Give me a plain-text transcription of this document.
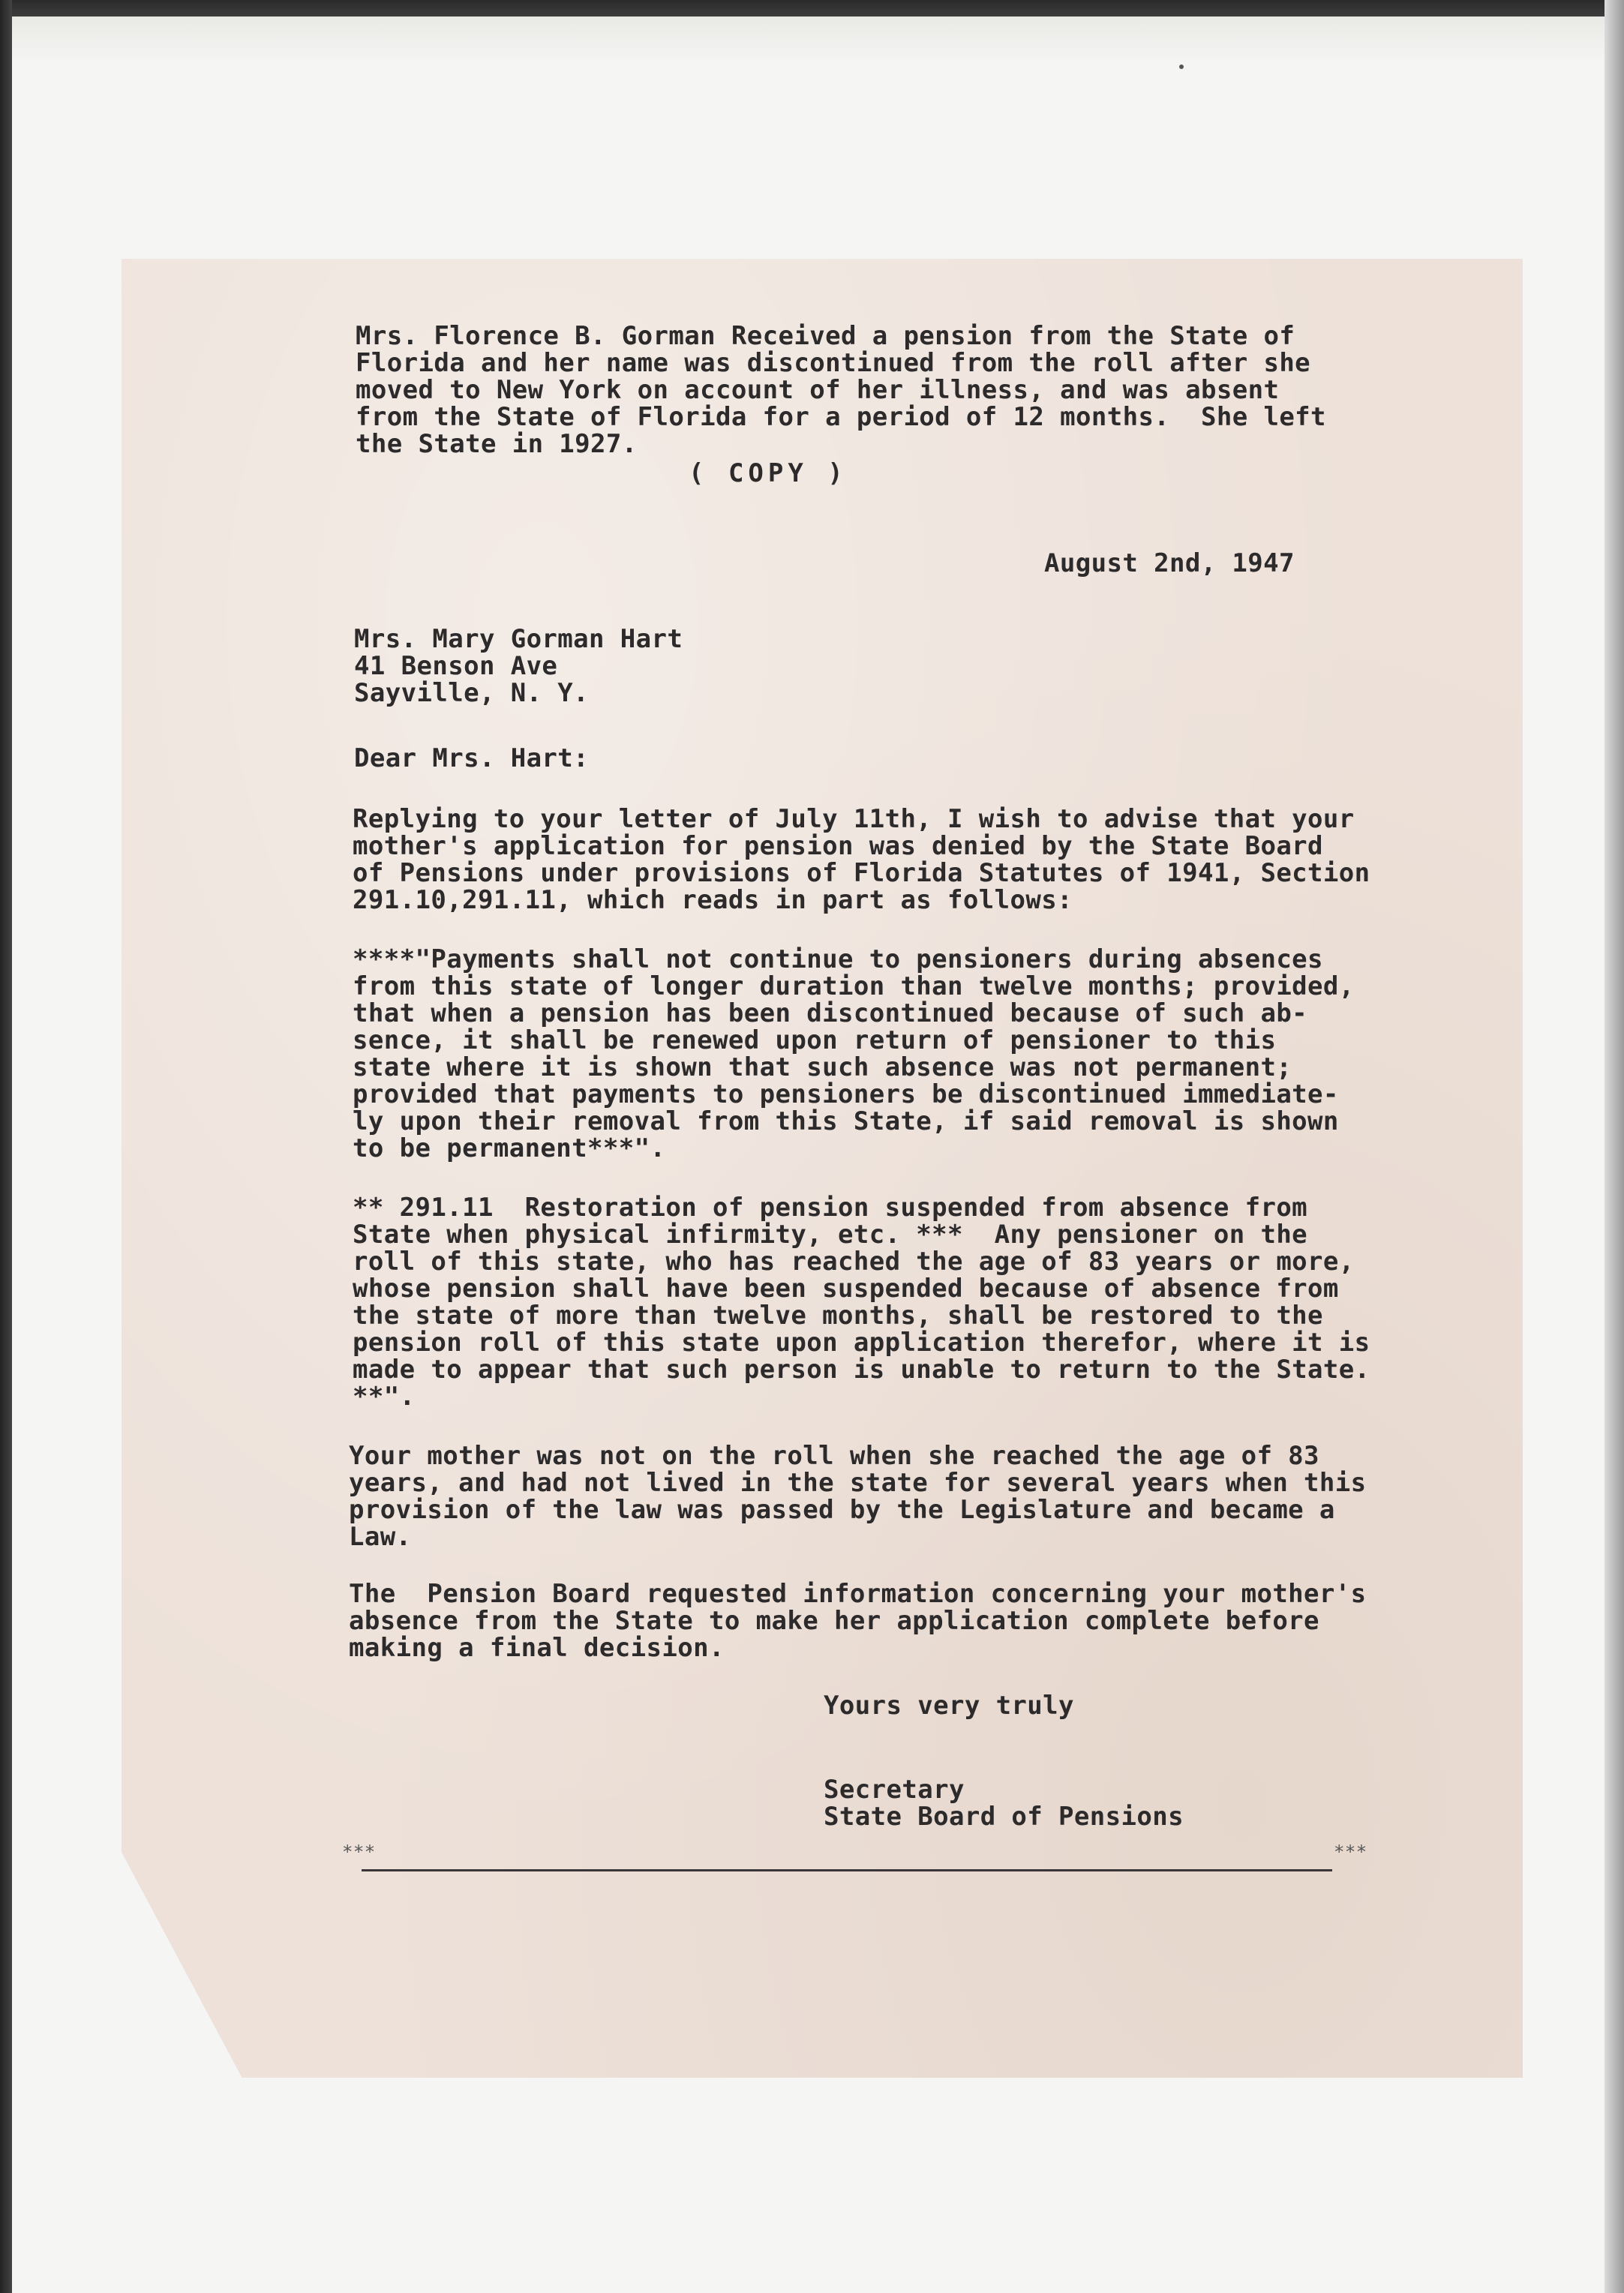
Mrs. Florence B. Gorman Received a pension from the State of
Florida and her name was discontinued from the roll after she
moved to New York on account of her illness, and was absent
from the State of Florida for a period of 12 months.  She left
the State in 1927.

( COPY )

August 2nd, 1947

Mrs. Mary Gorman Hart
41 Benson Ave
Sayville, N. Y.

Dear Mrs. Hart:

Replying to your letter of July 11th, I wish to advise that your
mother's application for pension was denied by the State Board
of Pensions under provisions of Florida Statutes of 1941, Section
291.10,291.11, which reads in part as follows:

****"Payments shall not continue to pensioners during absences
from this state of longer duration than twelve months; provided,
that when a pension has been discontinued because of such ab-
sence, it shall be renewed upon return of pensioner to this
state where it is shown that such absence was not permanent;
provided that payments to pensioners be discontinued immediate-
ly upon their removal from this State, if said removal is shown
to be permanent***".

** 291.11  Restoration of pension suspended from absence from
State when physical infirmity, etc. ***  Any pensioner on the
roll of this state, who has reached the age of 83 years or more,
whose pension shall have been suspended because of absence from
the state of more than twelve months, shall be restored to the
pension roll of this state upon application therefor, where it is
made to appear that such person is unable to return to the State.
**".

Your mother was not on the roll when she reached the age of 83
years, and had not lived in the state for several years when this
provision of the law was passed by the Legislature and became a
Law.

The  Pension Board requested information concerning your mother's
absence from the State to make her application complete before
making a final decision.

Yours very truly

Secretary

State Board of Pensions

***	***
